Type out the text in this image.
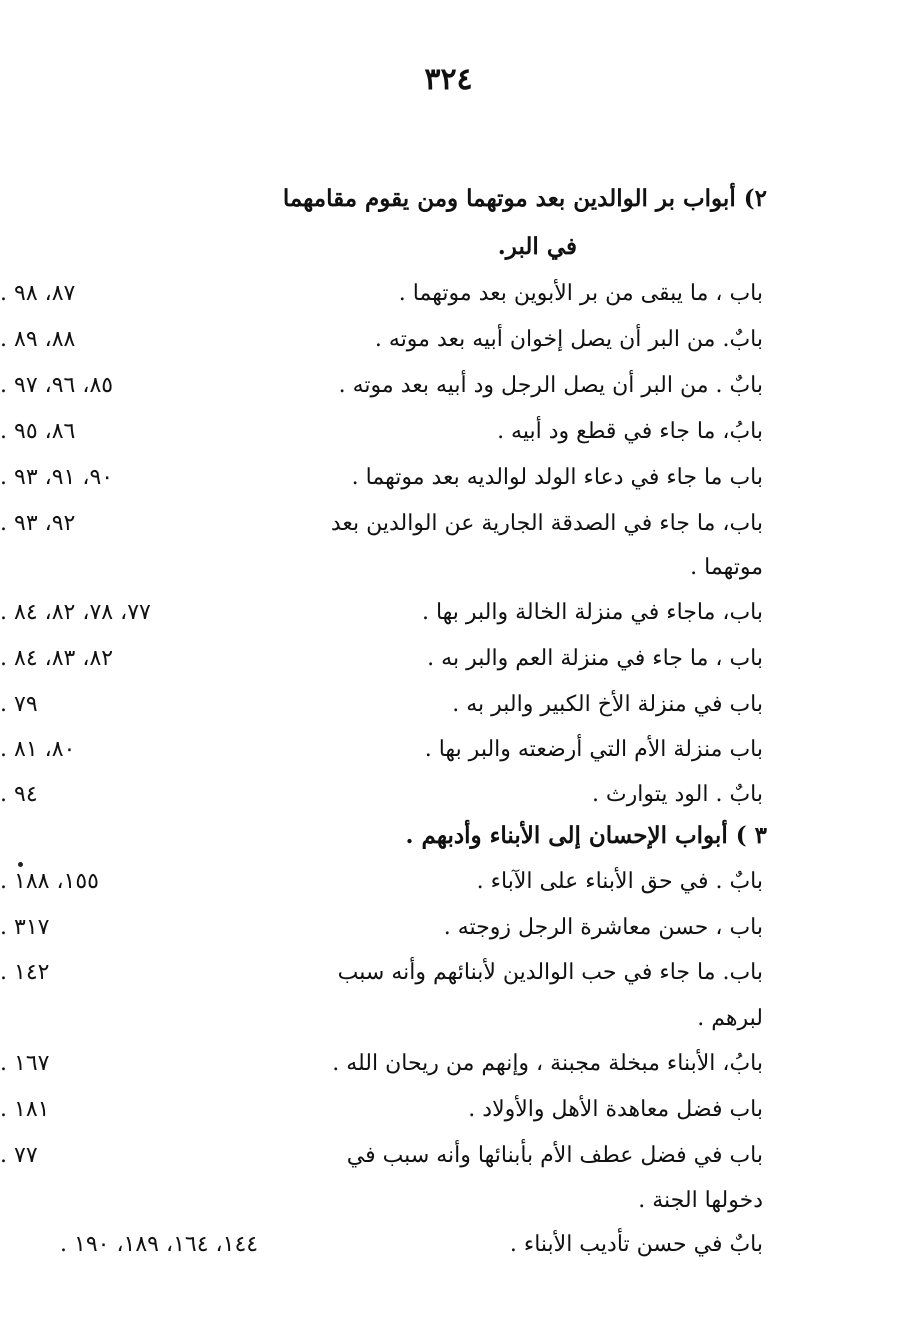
٣٢٤
٢) أبواب بر الوالدين بعد موتهما ومن يقوم مقامهما
في البر.
باب ، ما يبقى من بر الأبوين بعد موتهما .
٨٧، ٩٨ .
بابٌ. من البر أن يصل إخوان أبيه بعد موته .
٨٨، ٨٩ .
بابٌ . من البر أن يصل الرجل ود أبيه بعد موته .
٨٥، ٩٦، ٩٧ .
بابُ، ما جاء في قطع ود أبيه .
٨٦، ٩٥ .
باب ما جاء في دعاء الولد لوالديه بعد موتهما .
٩٠، ٩١، ٩٣ .
باب، ما جاء في الصدقة الجارية عن الوالدين بعد
٩٢، ٩٣ .
موتهما .
باب، ماجاء في منزلة الخالة والبر بها .
٧٧، ٧٨، ٨٢، ٨٤ .
باب ، ما جاء في منزلة العم والبر به .
٨٢، ٨٣، ٨٤ .
باب في منزلة الأخ الكبير والبر به .
٧٩ .
باب منزلة الأم التي أرضعته والبر بها .
٨٠، ٨١ .
بابٌ . الود يتوارث .
٩٤ .
٣ ) أبواب الإحسان إلى الأبناء وأدبهم .
بابٌ . في حق الأبناء على الآباء .
١٥٥، ١٨٨ .
باب ، حسن معاشرة الرجل زوجته .
٣١٧ .
باب. ما جاء في حب الوالدين لأبنائهم وأنه سبب
١٤٢ .
لبرهم .
بابُ، الأبناء مبخلة مجبنة ، وإنهم من ريحان الله .
١٦٧ .
باب فضل معاهدة الأهل والأولاد .
١٨١ .
باب في فضل عطف الأم بأبنائها وأنه سبب في
٧٧ .
دخولها الجنة .
بابٌ في حسن تأديب الأبناء .
١٤٤، ١٦٤، ١٨٩، ١٩٠ .
